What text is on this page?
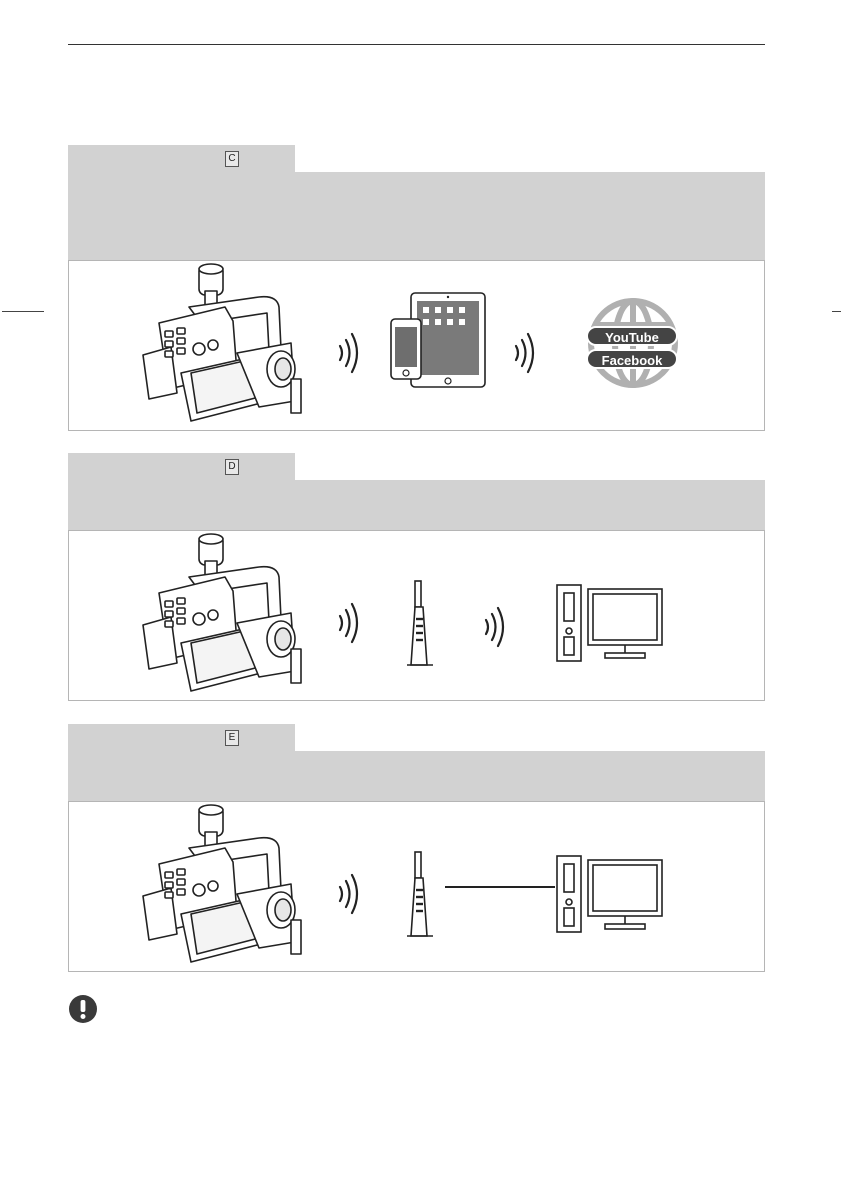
C
YouTube
Facebook
D
E
